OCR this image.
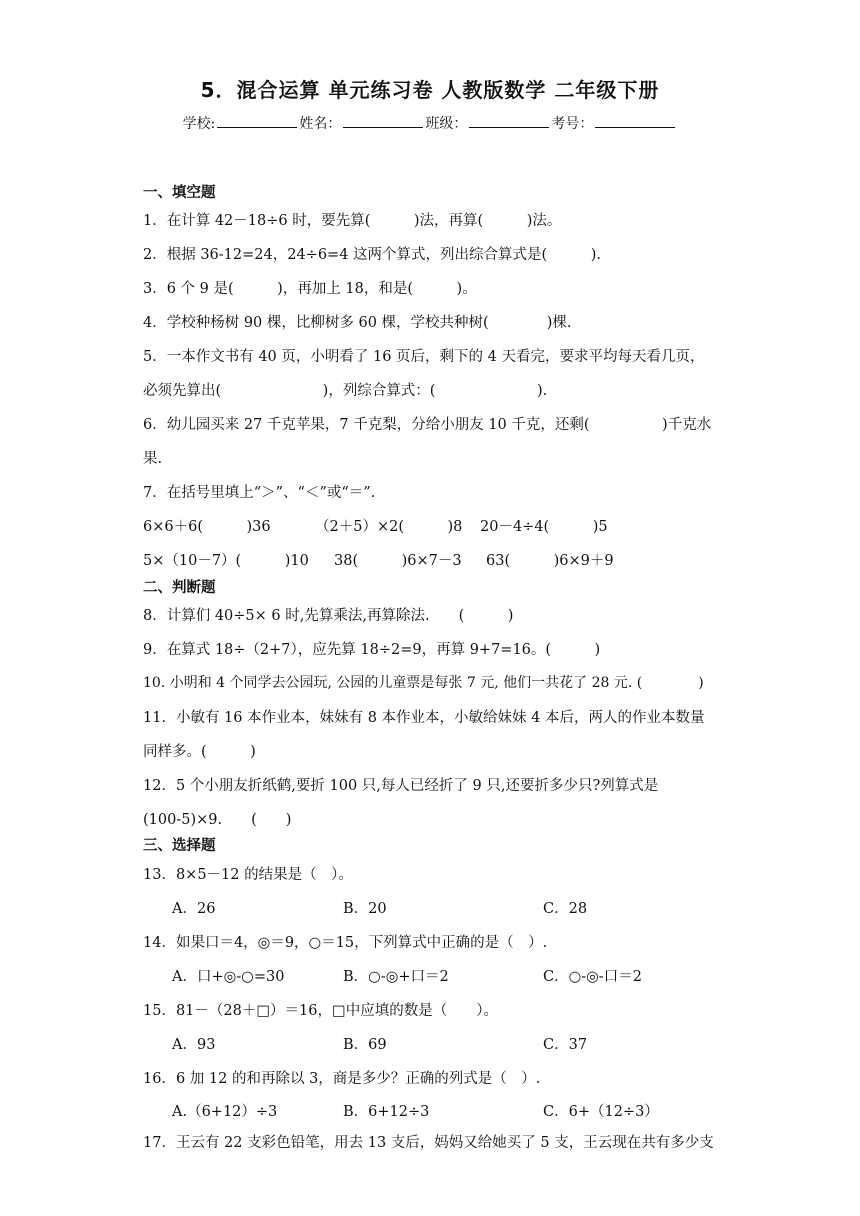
5．混合运算 单元练习卷 人教版数学 二年级下册
学校:	姓名：	班级：	考号：
一、填空题
1．在计算 42－18÷6 时，要先算(　　　)法，再算(　　　)法。
2．根据 36-12=24，24÷6=4 这两个算式，列出综合算式是(　　　).
3．6 个 9 是(　　　)，再加上 18，和是(　　　)。
4．学校种杨树 90 棵，比柳树多 60 棵，学校共种树(　　　　)棵.
5．一本作文书有 40 页，小明看了 16 页后，剩下的 4 天看完，要求平均每天看几页，
必须先算出(　　　　　　　)，列综合算式：(　　　　　　　).
6．幼儿园买来 27 千克苹果，7 千克梨，分给小朋友 10 千克，还剩(　　　　　)千克水
果.
7．在括号里填上“＞”、“＜”或“＝”.
6×6＋6(　　　)36	（2＋5）×2(　　　)8 20－4÷4(　　　)5
5×（10－7）(　　　)10 38(　　　)6×7－3 63(　　　)6×9＋9
二、判断题
8．计算们 40÷5× 6 时,先算乘法,再算除法.　　(　　　)
9．在算式 18÷（2+7），应先算 18÷2=9，再算 9+7=16。(　　　)
10. 小明和 4 个同学去公园玩, 公园的儿童票是每张 7 元, 他们一共花了 28 元. (　　　　)
11．小敏有 16 本作业本，妹妹有 8 本作业本，小敏给妹妹 4 本后，两人的作业本数量
同样多。(　　　)
12．5 个小朋友折纸鹤,要折 100 只,每人已经折了 9 只,还要折多少只?列算式是
(100-5)×9.　　(　　)
三、选择题
13．8×5－12 的结果是（　）。
A．26	B．20	C．28
14．如果口＝4，◎＝9，○＝15，下列算式中正确的是（　）.
A．口+◎-○=30	B．○-◎+口＝2	C．○-◎-口＝2
15．81－（28＋□）＝16，□中应填的数是（　　）。
A．93	B．69	C．37
16．6 加 12 的和再除以 3，商是多少？正确的列式是（　）.
A.（6+12）÷3	B．6+12÷3	C．6+（12÷3）
17．王云有 22 支彩色铅笔，用去 13 支后，妈妈又给她买了 5 支，王云现在共有多少支
